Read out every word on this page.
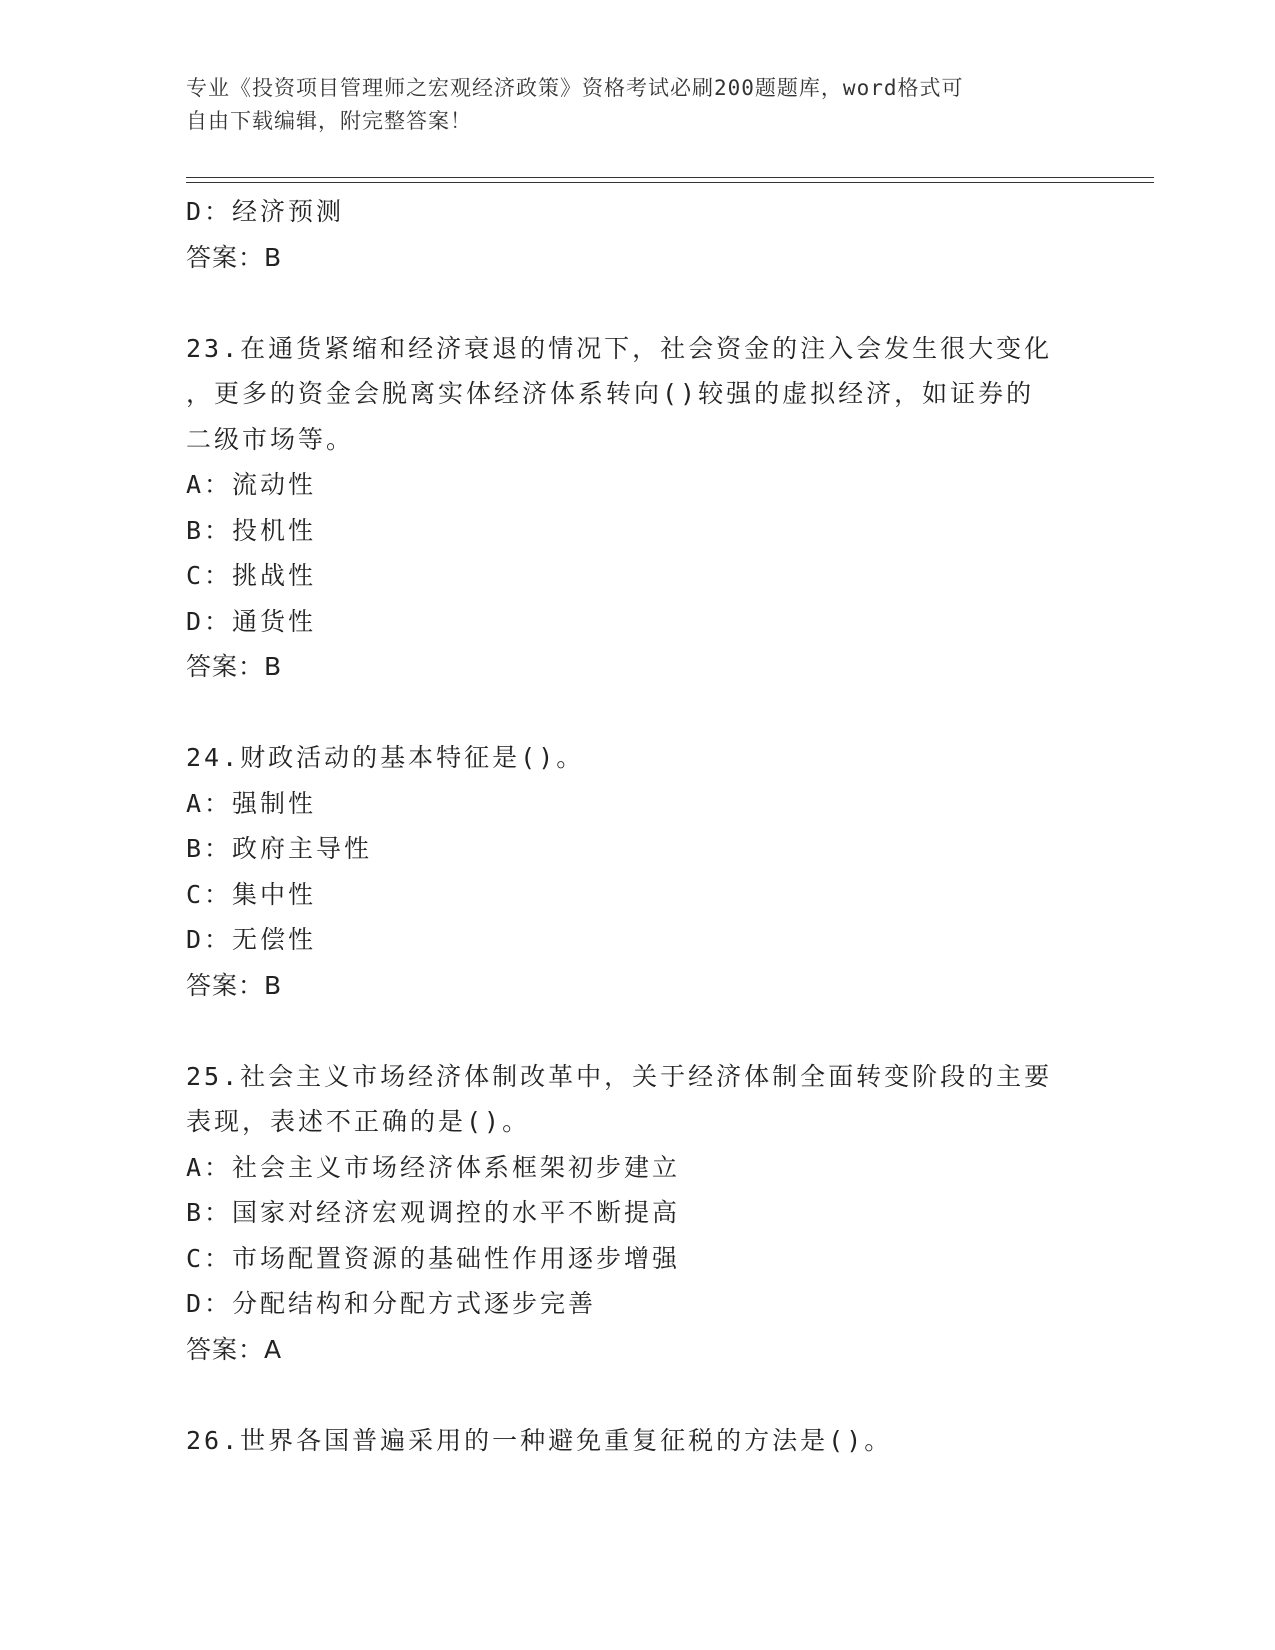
专业《投资项目管理师之宏观经济政策》资格考试必刷200题题库，word格式可
自由下载编辑，附完整答案！
D：经济预测
答案：B
23.在通货紧缩和经济衰退的情况下，社会资金的注入会发生很大变化
，更多的资金会脱离实体经济体系转向()较强的虚拟经济，如证券的
二级市场等。
A：流动性
B：投机性
C：挑战性
D：通货性
答案：B
24.财政活动的基本特征是()。
A：强制性
B：政府主导性
C：集中性
D：无偿性
答案：B
25.社会主义市场经济体制改革中，关于经济体制全面转变阶段的主要
表现，表述不正确的是()。
A：社会主义市场经济体系框架初步建立
B：国家对经济宏观调控的水平不断提高
C：市场配置资源的基础性作用逐步增强
D：分配结构和分配方式逐步完善
答案：A
26.世界各国普遍采用的一种避免重复征税的方法是()。
